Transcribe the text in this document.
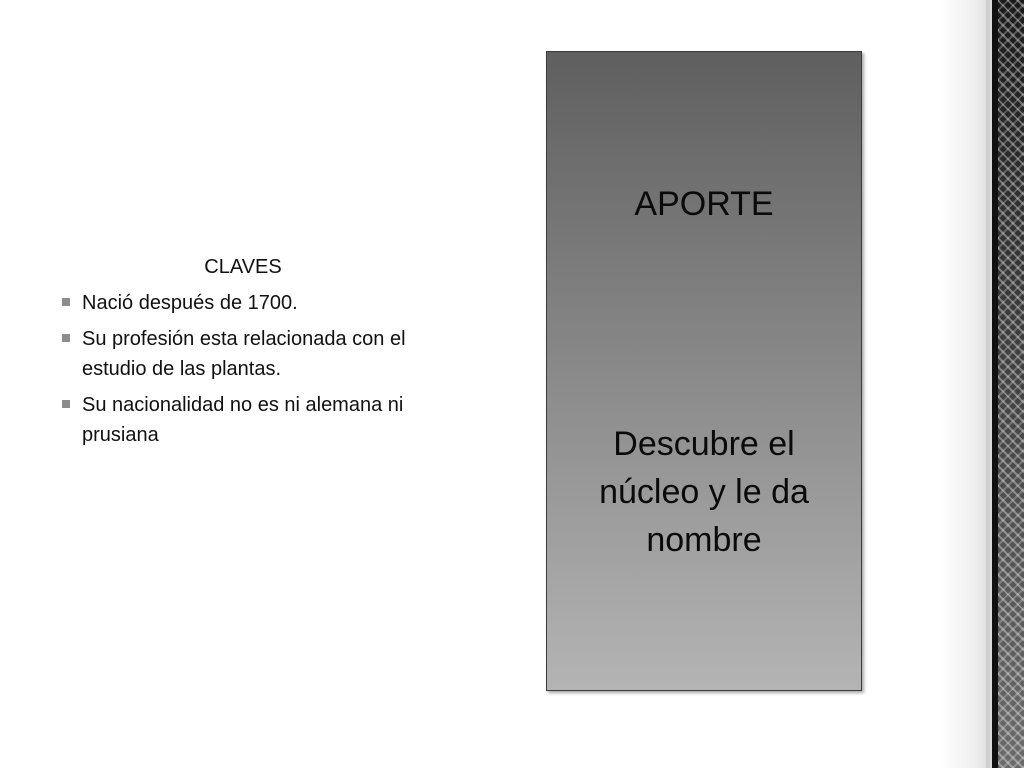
CLAVES
Nació después de 1700.
Su profesión esta relacionada con el estudio de las plantas.
Su nacionalidad no es ni alemana ni prusiana
APORTE
Descubre el núcleo y le da nombre
